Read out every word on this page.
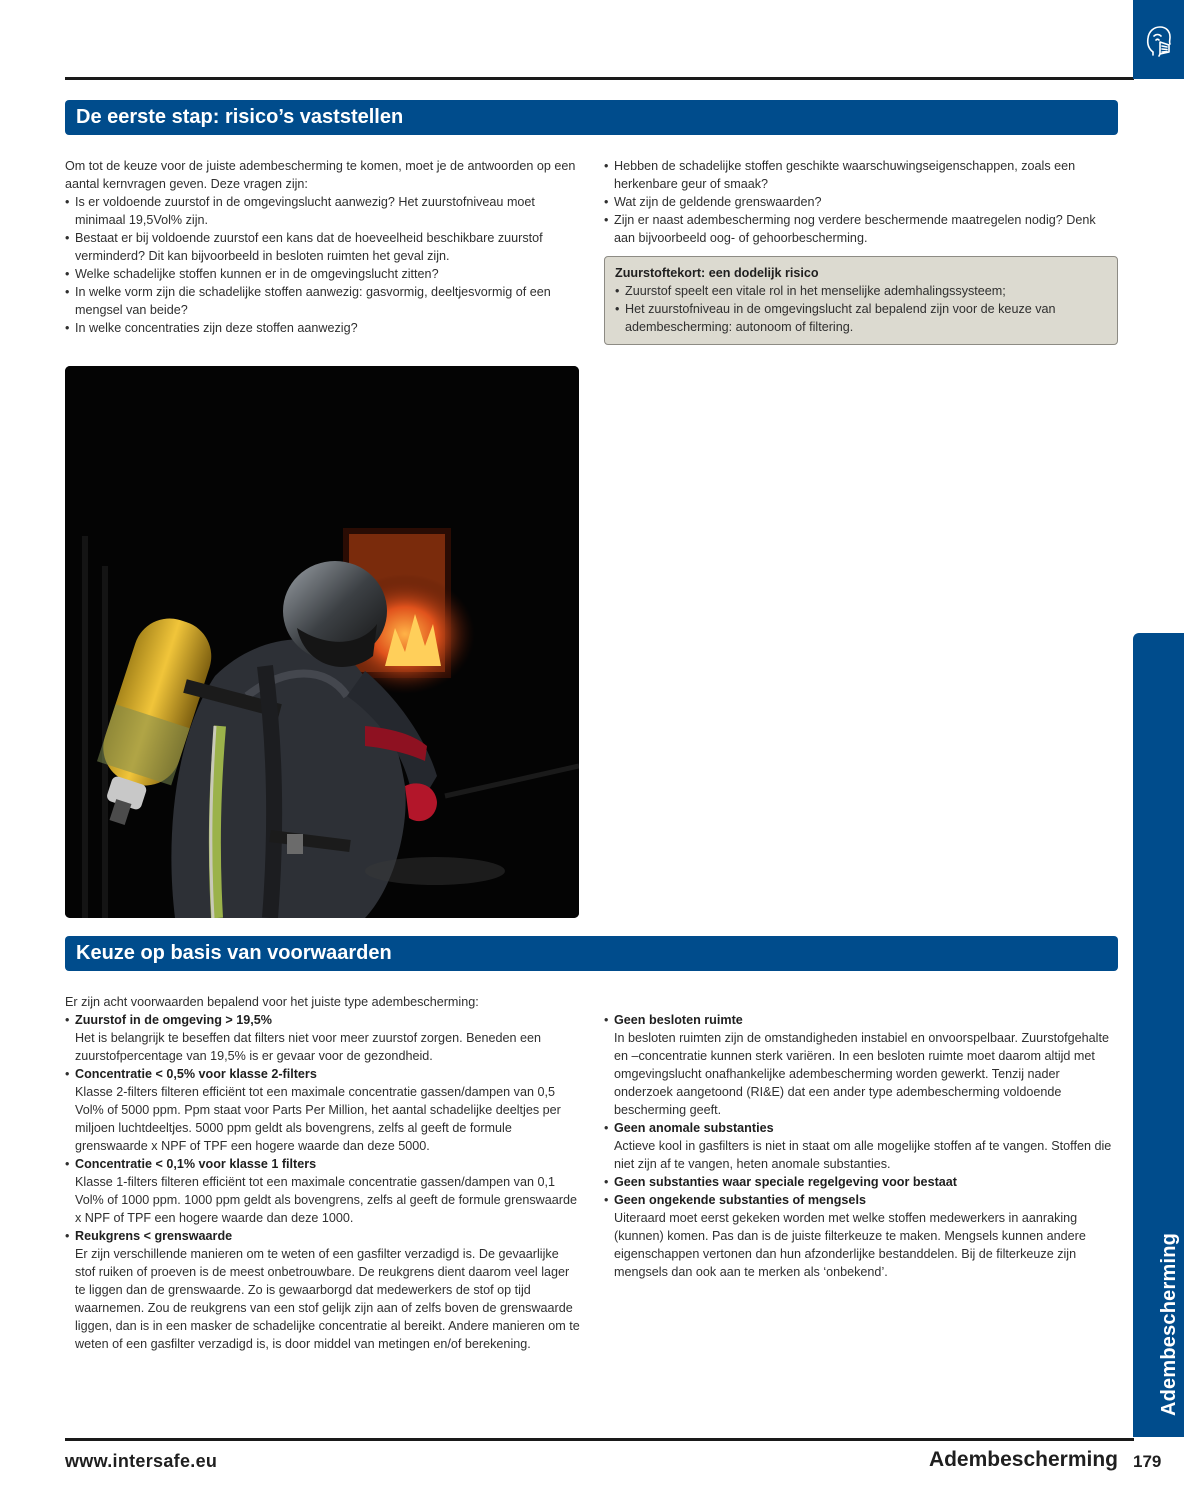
De eerste stap: risico’s vaststellen

Om tot de keuze voor de juiste adembescherming te komen, moet je de antwoorden op een aantal kernvragen geven. Deze vragen zijn:

• Is er voldoende zuurstof in de omgevingslucht aanwezig? Het zuurstofniveau moet minimaal 19,5Vol% zijn.
• Bestaat er bij voldoende zuurstof een kans dat de hoeveelheid beschikbare zuurstof verminderd? Dit kan bijvoorbeeld in besloten ruimten het geval zijn.
• Welke schadelijke stoffen kunnen er in de omgevingslucht zitten?
• In welke vorm zijn die schadelijke stoffen aanwezig: gasvormig, deeltjesvormig of een mengsel van beide?
• In welke concentraties zijn deze stoffen aanwezig?
• Hebben de schadelijke stoffen geschikte waarschuwingseigenschappen, zoals een herkenbare geur of smaak?
• Wat zijn de geldende grenswaarden?
• Zijn er naast adembescherming nog verdere beschermende maatregelen nodig? Denk aan bijvoorbeeld oog- of gehoorbescherming.
Zuurstoftekort: een dodelijk risico
• Zuurstof speelt een vitale rol in het menselijke ademhalingssysteem;
• Het zuurstofniveau in de omgevingslucht zal bepalend zijn voor de keuze van adembescherming: autonoom of filtering.
Keuze op basis van voorwaarden

Er zijn acht voorwaarden bepalend voor het juiste type adembescherming:

• Zuurstof in de omgeving > 19,5%
Het is belangrijk te beseffen dat filters niet voor meer zuurstof zorgen. Beneden een zuurstofpercentage van 19,5% is er gevaar voor de gezondheid.
• Concentratie < 0,5% voor klasse 2-filters
Klasse 2-filters filteren efficiënt tot een maximale concentratie gassen/dampen van 0,5 Vol% of 5000 ppm. Ppm staat voor Parts Per Million, het aantal schadelijke deeltjes per miljoen luchtdeeltjes. 5000 ppm geldt als bovengrens, zelfs al geeft de formule grenswaarde x NPF of TPF een hogere waarde dan deze 5000.
• Concentratie < 0,1% voor klasse 1 filters
Klasse 1-filters filteren efficiënt tot een maximale concentratie gassen/dampen van 0,1 Vol% of 1000 ppm. 1000 ppm geldt als bovengrens, zelfs al geeft de formule grenswaarde x NPF of TPF een hogere waarde dan deze 1000.
• Reukgrens < grenswaarde
Er zijn verschillende manieren om te weten of een gasfilter verzadigd is. De gevaarlijke stof ruiken of proeven is de meest onbetrouwbare. De reukgrens dient daarom veel lager te liggen dan de grenswaarde. Zo is gewaarborgd dat medewerkers de stof op tijd waarnemen. Zou de reukgrens van een stof gelijk zijn aan of zelfs boven de grenswaarde liggen, dan is in een masker de schadelijke concentratie al bereikt. Andere manieren om te weten of een gasfilter verzadigd is, is door middel van metingen en/of berekening.
• Geen besloten ruimte
In besloten ruimten zijn de omstandigheden instabiel en onvoorspelbaar. Zuurstofgehalte en –concentratie kunnen sterk variëren. In een besloten ruimte moet daarom altijd met omgevingslucht onafhankelijke adembescherming worden gewerkt. Tenzij nader onderzoek aangetoond (RI&E) dat een ander type adembescherming voldoende bescherming geeft.
• Geen anomale substanties
Actieve kool in gasfilters is niet in staat om alle mogelijke stoffen af te vangen. Stoffen die niet zijn af te vangen, heten anomale substanties.
• Geen substanties waar speciale regelgeving voor bestaat
• Geen ongekende substanties of mengsels
Uiteraard moet eerst gekeken worden met welke stoffen medewerkers in aanraking (kunnen) komen. Pas dan is de juiste filterkeuze te maken. Mengsels kunnen andere eigenschappen vertonen dan hun afzonderlijke bestanddelen. Bij de filterkeuze zijn mengsels dan ook aan te merken als ‘onbekend’.	Adembescherming
www.intersafe.eu	Adembescherming 179
